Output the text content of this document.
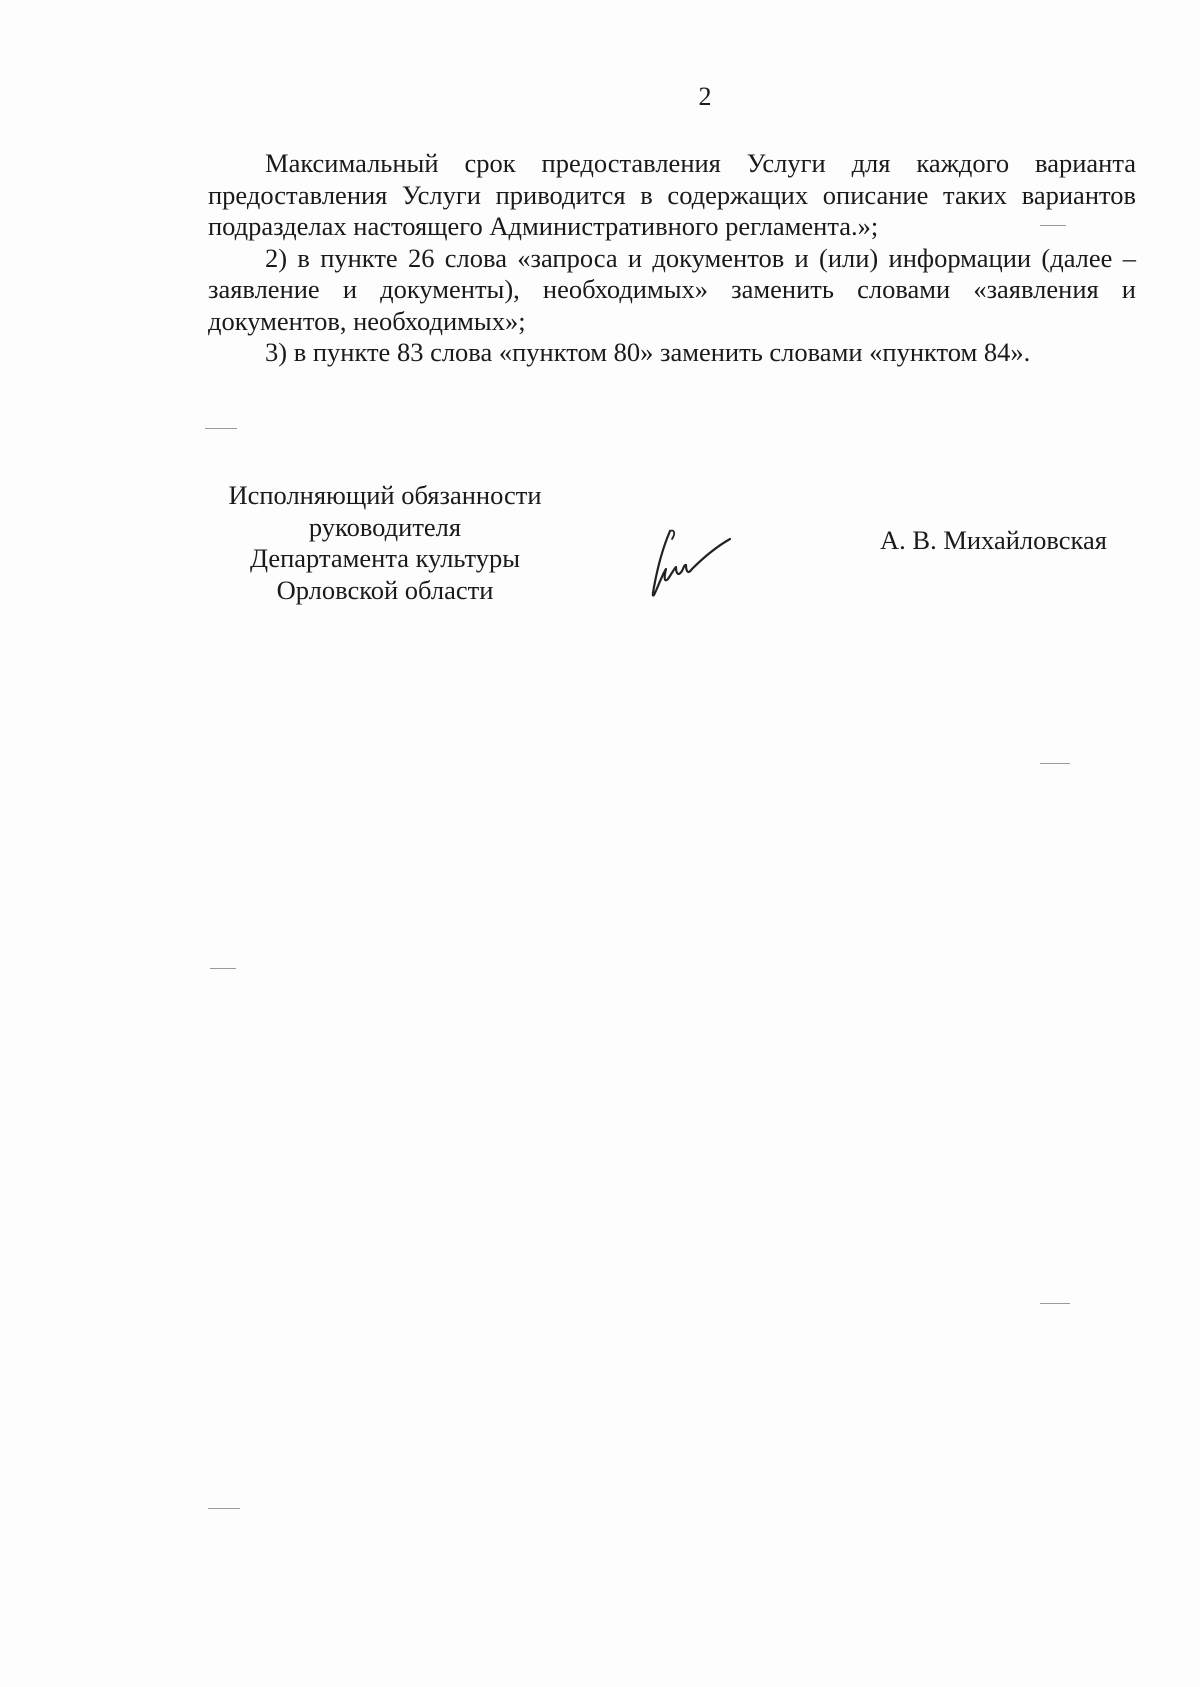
2

Максимальный срок предоставления Услуги для каждого варианта предоставления Услуги приводится в содержащих описание таких вариантов подразделах настоящего Административного регламента.»;

2) в пункте 26 слова «запроса и документов и (или) информации (далее – заявление и документы), необходимых» заменить словами «заявления и документов, необходимых»;

3) в пункте 83 слова «пунктом 80» заменить словами «пунктом 84».

Исполняющий обязанности
руководителя
Департамента культуры
Орловской области
А. В. Михайловская
